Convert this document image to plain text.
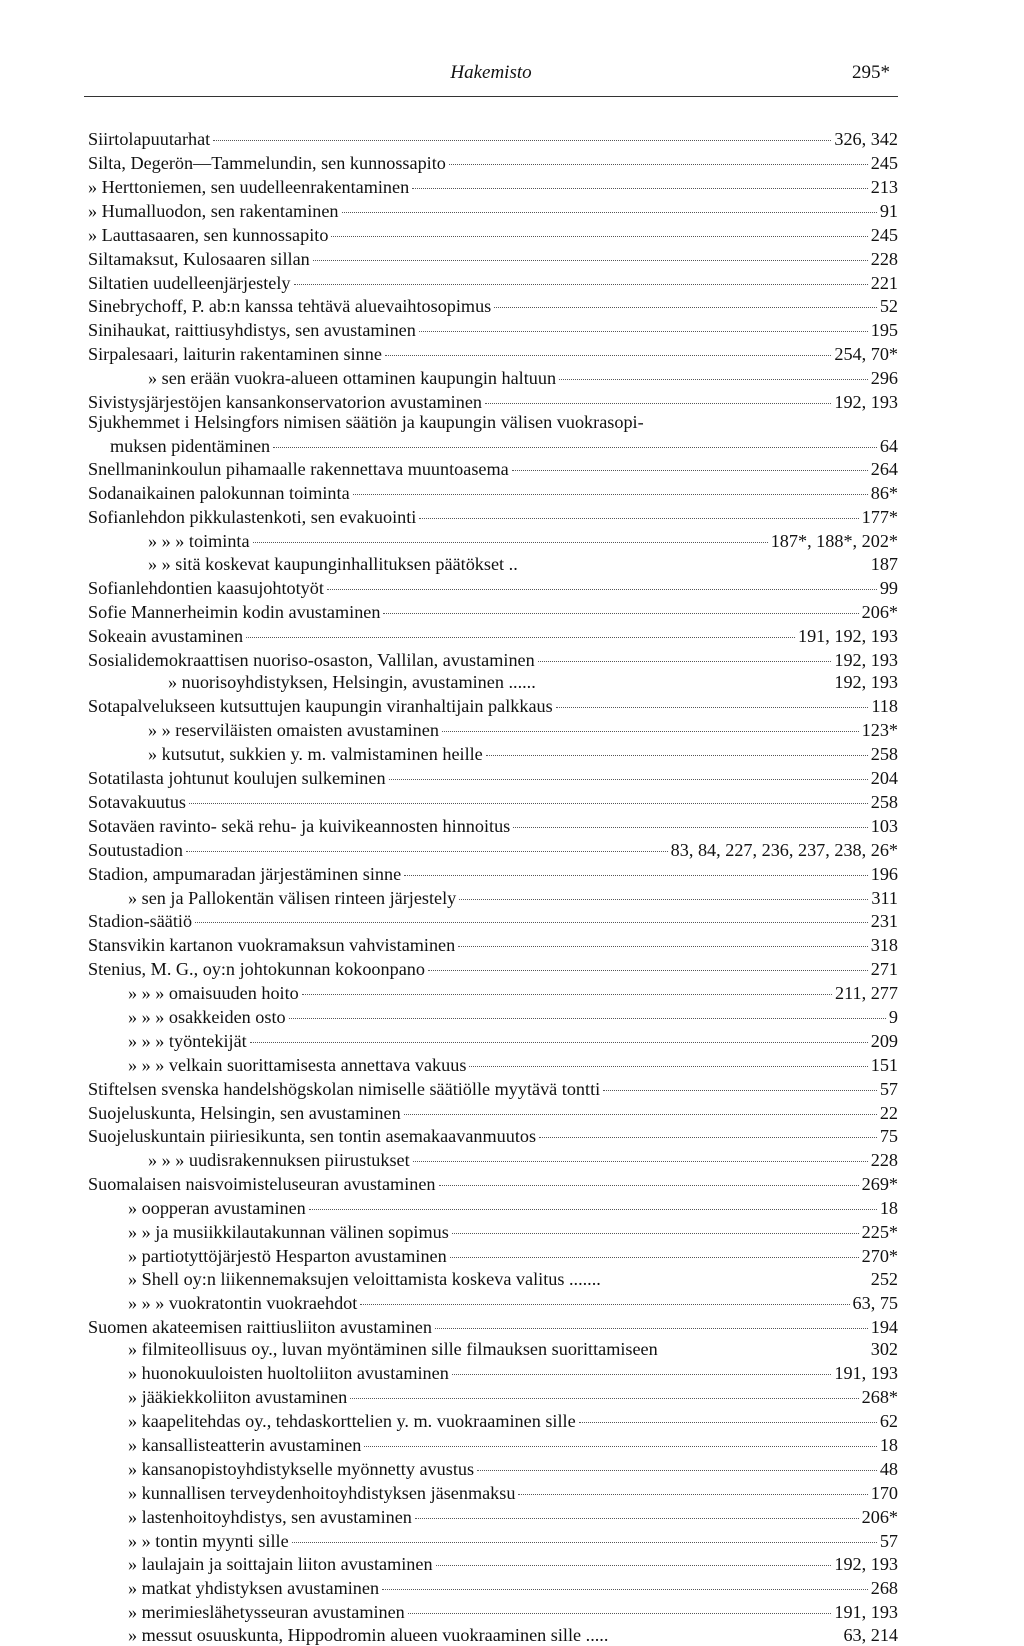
Hakemisto	295*
Siirtolapuutarhat	326, 342
Silta, Degerön—Tammelundin, sen kunnossapito	245
» Herttoniemen, sen uudelleenrakentaminen	213
» Humalluodon, sen rakentaminen	91
» Lauttasaaren, sen kunnossapito	245
Siltamaksut, Kulosaaren sillan	228
Siltatien uudelleenjärjestely	221
Sinebrychoff, P. ab:n kanssa tehtävä aluevaihtosopimus	52
Sinihaukat, raittiusyhdistys, sen avustaminen	195
Sirpalesaari, laiturin rakentaminen sinne	254, 70*
» sen erään vuokra-alueen ottaminen kaupungin haltuun	296
Sivistysjärjestöjen kansankonservatorion avustaminen	192, 193
Sjukhemmet i Helsingfors nimisen säätiön ja kaupungin välisen vuokrasopi-
muksen pidentäminen	64
Snellmaninkoulun pihamaalle rakennettava muuntoasema	264
Sodanaikainen palokunnan toiminta	86*
Sofianlehdon pikkulastenkoti, sen evakuointi	177*
» » » toiminta	187*, 188*, 202*
» » sitä koskevat kaupunginhallituksen päätökset ..	187
Sofianlehdontien kaasujohtotyöt	99
Sofie Mannerheimin kodin avustaminen	206*
Sokeain avustaminen	191, 192, 193
Sosialidemokraattisen nuoriso-osaston, Vallilan, avustaminen	192, 193
» nuorisoyhdistyksen, Helsingin, avustaminen ......	192, 193
Sotapalvelukseen kutsuttujen kaupungin viranhaltijain palkkaus	118
» » reserviläisten omaisten avustaminen	123*
» kutsutut, sukkien y. m. valmistaminen heille	258
Sotatilasta johtunut koulujen sulkeminen	204
Sotavakuutus	258
Sotaväen ravinto- sekä rehu- ja kuivikeannosten hinnoitus	103
Soutustadion	83, 84, 227, 236, 237, 238, 26*
Stadion, ampumaradan järjestäminen sinne	196
» sen ja Pallokentän välisen rinteen järjestely	311
Stadion-säätiö	231
Stansvikin kartanon vuokramaksun vahvistaminen	318
Stenius, M. G., oy:n johtokunnan kokoonpano	271
» » » omaisuuden hoito	211, 277
» » » osakkeiden osto	9
» » » työntekijät	209
» » » velkain suorittamisesta annettava vakuus	151
Stiftelsen svenska handelshögskolan nimiselle säätiölle myytävä tontti	57
Suojeluskunta, Helsingin, sen avustaminen	22
Suojeluskuntain piiriesikunta, sen tontin asemakaavanmuutos	75
» » » uudisrakennuksen piirustukset	228
Suomalaisen naisvoimisteluseuran avustaminen	269*
» oopperan avustaminen	18
» » ja musiikkilautakunnan välinen sopimus	225*
» partiotyttöjärjestö Hesparton avustaminen	270*
» Shell oy:n liikennemaksujen veloittamista koskeva valitus .......	252
» » » vuokratontin vuokraehdot	63, 75
Suomen akateemisen raittiusliiton avustaminen	194
» filmiteollisuus oy., luvan myöntäminen sille filmauksen suorittamiseen	302
» huonokuuloisten huoltoliiton avustaminen	191, 193
» jääkiekkoliiton avustaminen	268*
» kaapelitehdas oy., tehdaskorttelien y. m. vuokraaminen sille	62
» kansallisteatterin avustaminen	18
» kansanopistoyhdistykselle myönnetty avustus	48
» kunnallisen terveydenhoitoyhdistyksen jäsenmaksu	170
» lastenhoitoyhdistys, sen avustaminen	206*
» » tontin myynti sille	57
» laulajain ja soittajain liiton avustaminen	192, 193
» matkat yhdistyksen avustaminen	268
» merimieslähetysseuran avustaminen	191, 193
» messut osuuskunta, Hippodromin alueen vuokraaminen sille .....	63, 214
